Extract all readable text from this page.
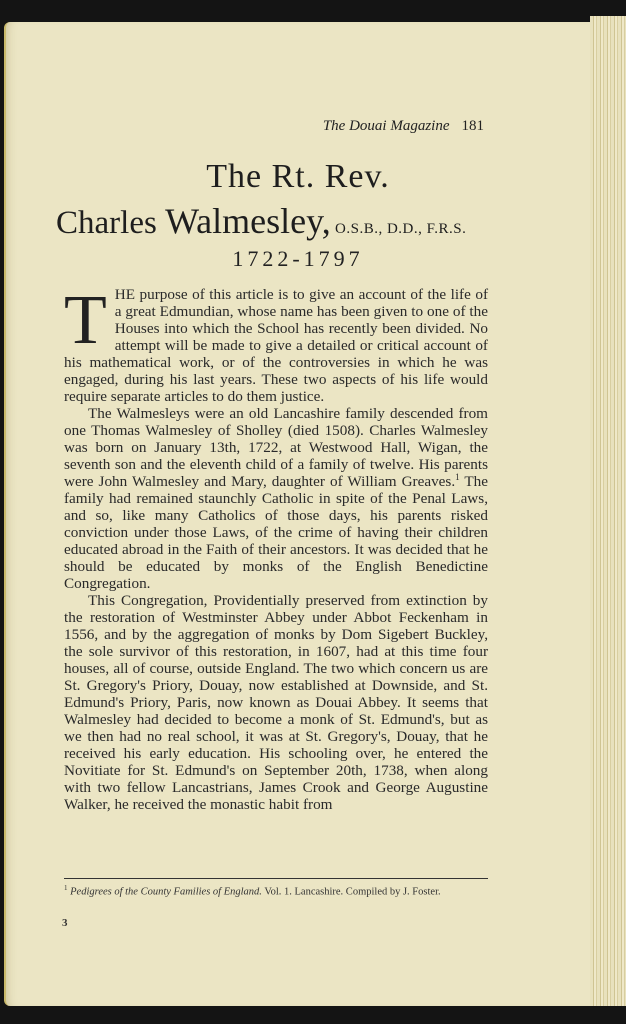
The Douai Magazine 181
The Rt. Rev.
Charles Walmesley, O.S.B., D.D., F.R.S.
1722-1797

THE purpose of this article is to give an account of the life of a great Edmundian, whose name has been given to one of the Houses into which the School has recently been divided. No attempt will be made to give a detailed or critical account of his mathematical work, or of the controversies in which he was engaged, during his last years. These two aspects of his life would require separate articles to do them justice.

The Walmesleys were an old Lancashire family descended from one Thomas Walmesley of Sholley (died 1508). Charles Walmesley was born on January 13th, 1722, at Westwood Hall, Wigan, the seventh son and the eleventh child of a family of twelve. His parents were John Walmesley and Mary, daughter of William Greaves.$^1$ The family had remained staunchly Catholic in spite of the Penal Laws, and so, like many Catholics of those days, his parents risked conviction under those Laws, of the crime of having their children educated abroad in the Faith of their ancestors. It was decided that he should be educated by monks of the English Benedictine Congregation.

This Congregation, Providentially preserved from extinction by the restoration of Westminster Abbey under Abbot Feckenham in 1556, and by the aggregation of monks by Dom Sigebert Buckley, the sole survivor of this restoration, in 1607, had at this time four houses, all of course, outside England. The two which concern us are St. Gregory's Priory, Douay, now established at Downside, and St. Edmund's Priory, Paris, now known as Douai Abbey. It seems that Walmesley had decided to become a monk of St. Edmund's, but as we then had no real school, it was at St. Gregory's, Douay, that he received his early education. His schooling over, he entered the Novitiate for St. Edmund's on September 20th, 1738, when along with two fellow Lancastrians, James Crook and George Augustine Walker, he received the monastic habit from

$^1$ Pedigrees of the County Families of England. Vol. 1. Lancashire. Compiled by J. Foster.
3
